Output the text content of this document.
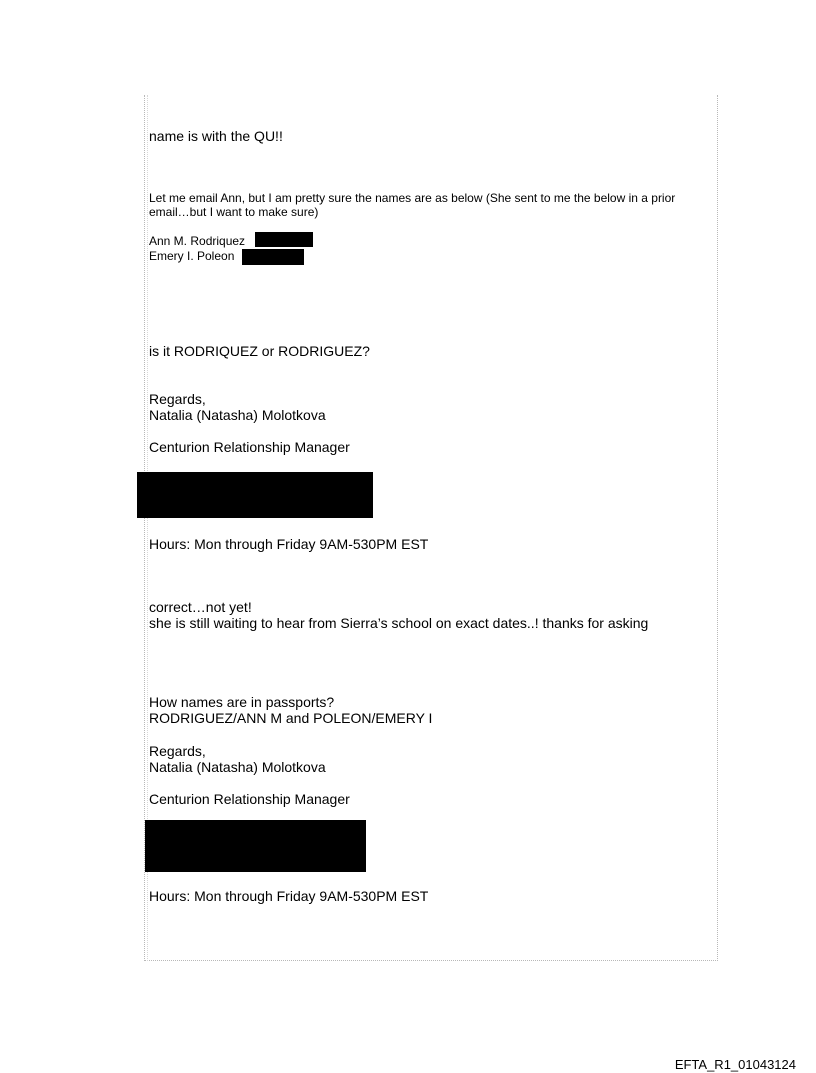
name is with the QU!!
Let me email Ann, but I am pretty sure the names are as below (She sent to me the below in a prior
email…but I want to make sure)
Ann M. Rodriquez
Emery I. Poleon
is it RODRIQUEZ or RODRIGUEZ?
Regards,
Natalia (Natasha) Molotkova
Centurion Relationship Manager
Hours: Mon through Friday 9AM-530PM EST
correct…not yet!
she is still waiting to hear from Sierra’s school on exact dates..! thanks for asking
How names are in passports?
RODRIGUEZ/ANN M and POLEON/EMERY I
Regards,
Natalia (Natasha) Molotkova
Centurion Relationship Manager
Hours: Mon through Friday 9AM-530PM EST
EFTA_R1_01043124
